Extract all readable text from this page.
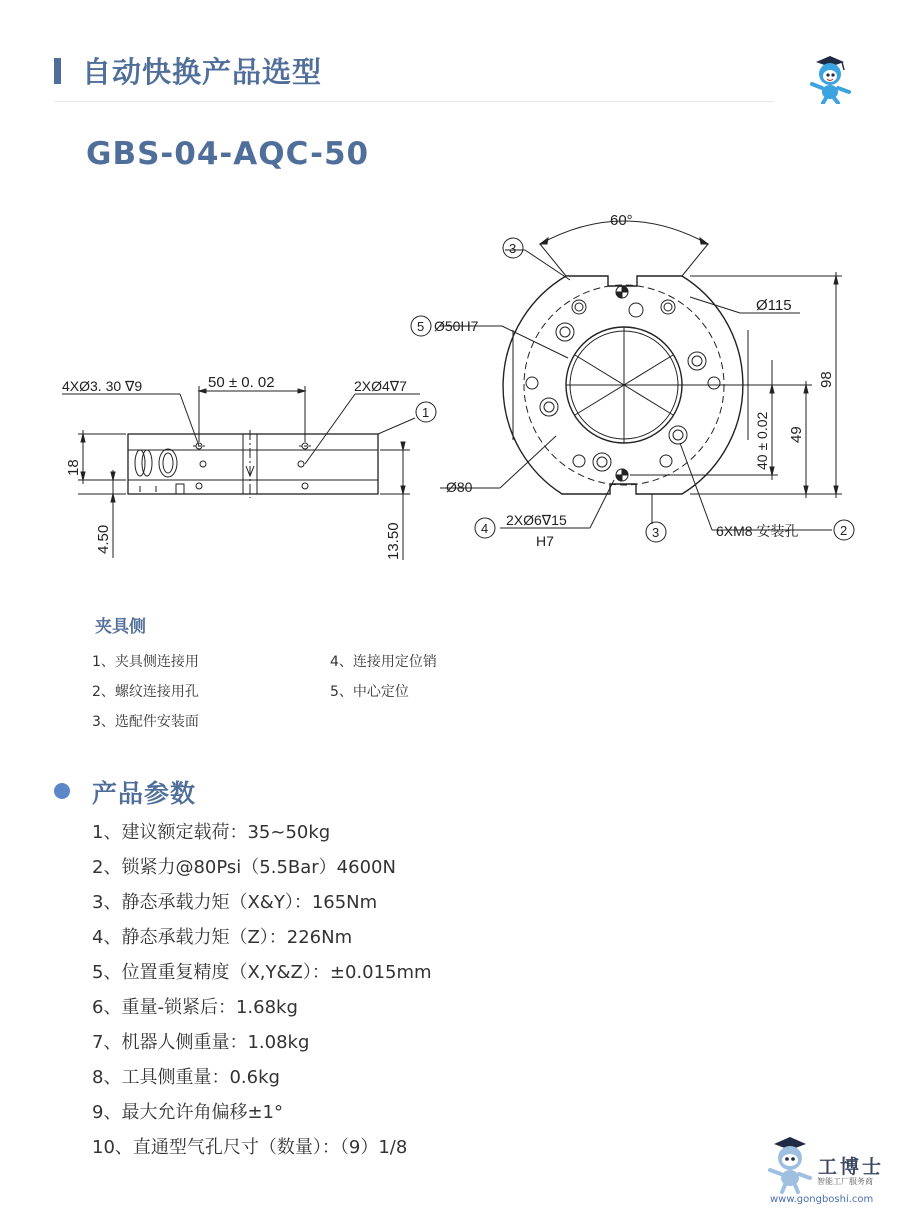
自动快换产品选型
GBS-04-AQC-50
4XØ3. 30 ∇9	50 ± 0. 02	2XØ4∇7
18
4.50	13.50
1
60°
Ø115
Ø50H7
Ø80
98
49
40 ± 0.02
2XØ6∇15
H7
6XM8 安装孔
3
5
4	3	2
夹具侧
1、夹具侧连接用
2、螺纹连接用孔
3、选配件安装面
4、连接用定位销
5、中心定位
产品参数
1、建议额定载荷：35~50kg
2、锁紧力@80Psi（5.5Bar）4600N
3、静态承载力矩（X&Y）：165Nm
4、静态承载力矩（Z）：226Nm
5、位置重复精度（X,Y&Z）：±0.015mm
6、重量-锁紧后：1.68kg
7、机器人侧重量：1.08kg
8、工具侧重量：0.6kg
9、最大允许角偏移±1°
10、直通型气孔尺寸（数量）：（9）1/8
工博士
智能工厂服务商
www.gongboshi.com
